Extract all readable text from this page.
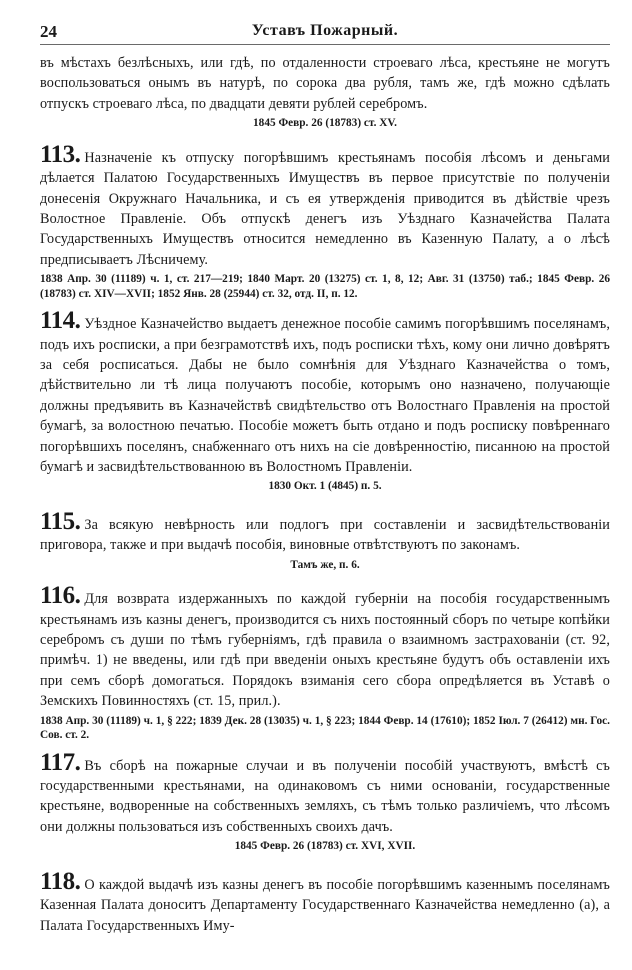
24	Уставъ Пожарный.

въ мѣстахъ безлѣсныхъ, или гдѣ, по отдаленности строеваго лѣса, крестьяне не могутъ воспользоваться онымъ въ натурѣ, по сорока два рубля, тамъ же, гдѣ можно сдѣлать отпускъ строеваго лѣса, по двадцати девяти рублей серебромъ.

1845 Февр. 26 (18783) ст. XV.

113. Назначеніе къ отпуску погорѣвшимъ крестьянамъ пособія лѣсомъ и деньгами дѣлается Палатою Государственныхъ Имуществъ въ первое присутствіе по полученіи донесенія Окружнаго Начальника, и съ ея утвержденія приводится въ дѣйствіе чрезъ Волостное Правленіе. Объ отпускѣ денегъ изъ Уѣзднаго Казначейства Палата Государственныхъ Имуществъ относится немедленно въ Казенную Палату, а о лѣсѣ предписываетъ Лѣсничему.

1838 Апр. 30 (11189) ч. 1, ст. 217—219; 1840 Март. 20 (13275) ст. 1, 8, 12; Авг. 31 (13750) таб.; 1845 Февр. 26 (18783) ст. XIV—XVII; 1852 Янв. 28 (25944) ст. 32, отд. II, п. 12.

114. Уѣздное Казначейство выдаетъ денежное пособіе самимъ погорѣвшимъ поселянамъ, подъ ихъ росписки, а при безграмотствѣ ихъ, подъ росписки тѣхъ, кому они лично довѣрятъ за себя росписаться. Дабы не было сомнѣнія для Уѣзднаго Казначейства о томъ, дѣйствительно ли тѣ лица получаютъ пособіе, которымъ оно назначено, получающіе должны предъявить въ Казначействѣ свидѣтельство отъ Волостнаго Правленія на простой бумагѣ, за волостною печатью. Пособіе можетъ быть отдано и подъ росписку повѣреннаго погорѣвшихъ поселянъ, снабженнаго отъ нихъ на сіе довѣренностію, писанною на простой бумагѣ и засвидѣтельствованною въ Волостномъ Правленіи.

1830 Окт. 1 (4845) п. 5.

115. За всякую невѣрность или подлогъ при составленіи и засвидѣтельствованіи приговора, также и при выдачѣ пособія, виновные отвѣтствуютъ по законамъ.

Тамъ же, п. 6.

116. Для возврата издержанныхъ по каждой губерніи на пособія государственнымъ крестьянамъ изъ казны денегъ, производится съ нихъ постоянный сборъ по четыре копѣйки серебромъ съ души по тѣмъ губерніямъ, гдѣ правила о взаимномъ застрахованіи (ст. 92, примѣч. 1) не введены, или гдѣ при введеніи оныхъ крестьяне будутъ объ оставленіи ихъ при семъ сборѣ домогаться. Порядокъ взиманія сего сбора опредѣляется въ Уставѣ о Земскихъ Повинностяхъ (ст. 15, прил.).

1838 Апр. 30 (11189) ч. 1, § 222; 1839 Дек. 28 (13035) ч. 1, § 223; 1844 Февр. 14 (17610); 1852 Іюл. 7 (26412) мн. Гос. Сов. ст. 2.

117. Въ сборѣ на пожарные случаи и въ полученіи пособій участвуютъ, вмѣстѣ съ государственными крестьянами, на одинаковомъ съ ними основаніи, государственные крестьяне, водворенные на собственныхъ земляхъ, съ тѣмъ только различіемъ, что лѣсомъ они должны пользоваться изъ собственныхъ своихъ дачъ.

1845 Февр. 26 (18783) ст. XVI, XVII.

118. О каждой выдачѣ изъ казны денегъ въ пособіе погорѣвшимъ казеннымъ поселянамъ Казенная Палата доноситъ Департаменту Государственнаго Казначейства немедленно (а), а Палата Государственныхъ Иму-
